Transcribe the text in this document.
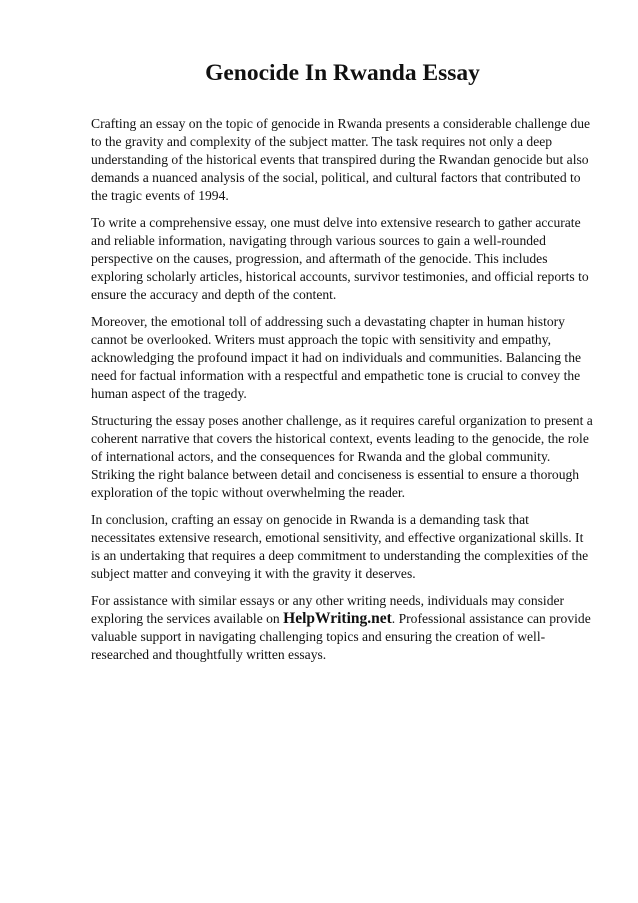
Genocide In Rwanda Essay

Crafting an essay on the topic of genocide in Rwanda presents a considerable challenge due to the gravity and complexity of the subject matter. The task requires not only a deep understanding of the historical events that transpired during the Rwandan genocide but also demands a nuanced analysis of the social, political, and cultural factors that contributed to the tragic events of 1994.

To write a comprehensive essay, one must delve into extensive research to gather accurate and reliable information, navigating through various sources to gain a well-rounded perspective on the causes, progression, and aftermath of the genocide. This includes exploring scholarly articles, historical accounts, survivor testimonies, and official reports to ensure the accuracy and depth of the content.

Moreover, the emotional toll of addressing such a devastating chapter in human history cannot be overlooked. Writers must approach the topic with sensitivity and empathy, acknowledging the profound impact it had on individuals and communities. Balancing the need for factual information with a respectful and empathetic tone is crucial to convey the human aspect of the tragedy.

Structuring the essay poses another challenge, as it requires careful organization to present a coherent narrative that covers the historical context, events leading to the genocide, the role of international actors, and the consequences for Rwanda and the global community. Striking the right balance between detail and conciseness is essential to ensure a thorough exploration of the topic without overwhelming the reader.

In conclusion, crafting an essay on genocide in Rwanda is a demanding task that necessitates extensive research, emotional sensitivity, and effective organizational skills. It is an undertaking that requires a deep commitment to understanding the complexities of the subject matter and conveying it with the gravity it deserves.

For assistance with similar essays or any other writing needs, individuals may consider exploring the services available on HelpWriting.net. Professional assistance can provide valuable support in navigating challenging topics and ensuring the creation of well-researched and thoughtfully written essays.
